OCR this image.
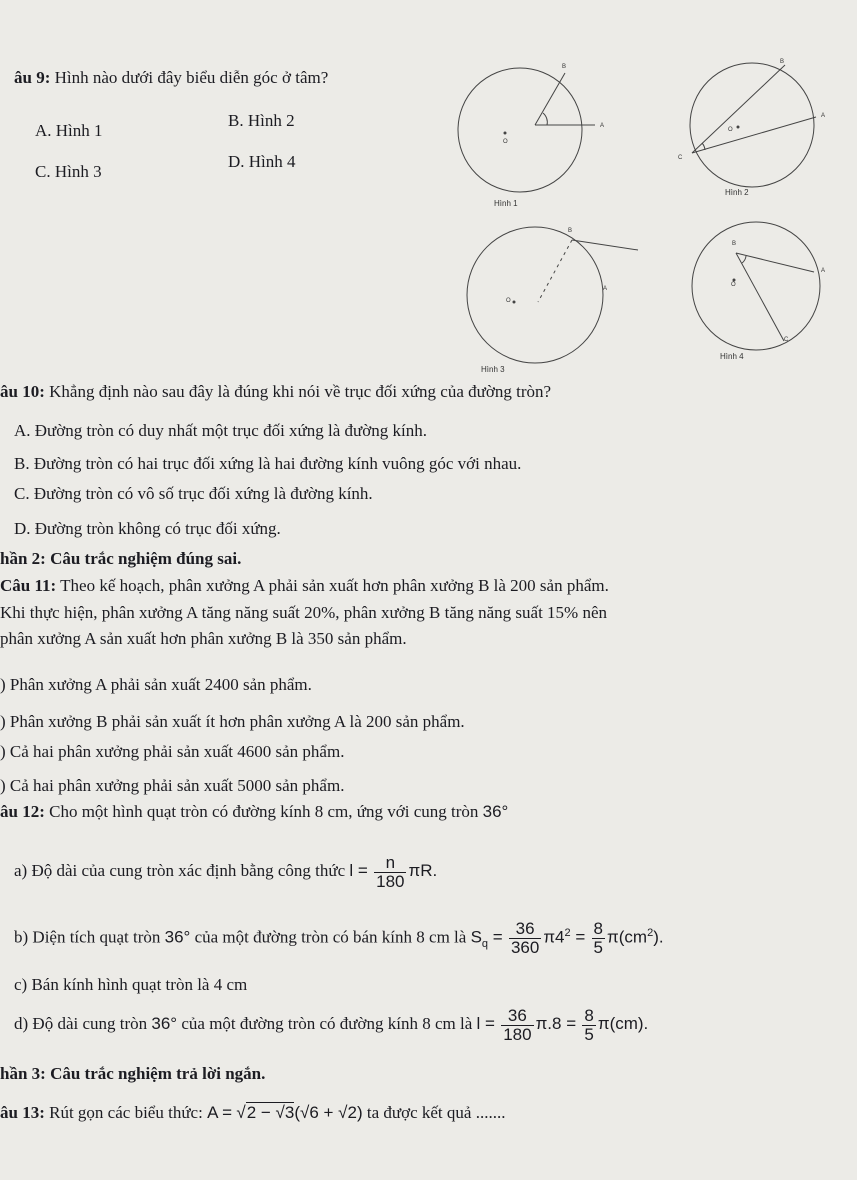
âu 9: Hình nào dưới đây biểu diễn góc ở tâm?
A. Hình 1
B. Hình 2
C. Hình 3
D. Hình 4
B
A
O
Hình 1
B
A
O
C
Hình 2
B
A
O
Hình 3
B
A
O
C
Hình 4
âu 10: Khẳng định nào sau đây là đúng khi nói về trục đối xứng của đường tròn?
A. Đường tròn có duy nhất một trục đối xứng là đường kính.
B. Đường tròn có hai trục đối xứng là hai đường kính vuông góc với nhau.
C. Đường tròn có vô số trục đối xứng là đường kính.
D. Đường tròn không có trục đối xứng.
hần 2: Câu trắc nghiệm đúng sai.
Câu 11: Theo kế hoạch, phân xưởng A phải sản xuất hơn phân xưởng B là 200 sản phẩm.
Khi thực hiện, phân xưởng A tăng năng suất 20%, phân xưởng B tăng năng suất 15% nên
phân xưởng A sản xuất hơn phân xưởng B là 350 sản phẩm.
) Phân xưởng A phải sản xuất 2400 sản phẩm.
) Phân xưởng B phải sản xuất ít hơn phân xưởng A là 200 sản phẩm.
) Cả hai phân xưởng phải sản xuất 4600 sản phẩm.
) Cả hai phân xưởng phải sản xuất 5000 sản phẩm.
âu 12: Cho một hình quạt tròn có đường kính 8 cm, ứng với cung tròn 36°
a) Độ dài của cung tròn xác định bằng công thức $l = \frac{n}{180} \pi R$.
b) Diện tích quạt tròn 36° của một đường tròn có bán kính 8 cm là $S_q = \frac{36}{360} \pi 4^2 = \frac{8}{5} \pi(cm^2)$.
c) Bán kính hình quạt tròn là 4 cm
d) Độ dài cung tròn 36° của một đường tròn có đường kính 8 cm là $l = \frac{36}{180} \pi.8 = \frac{8}{5} \pi(cm)$.
hần 3: Câu trắc nghiệm trả lời ngắn.
âu 13: Rút gọn các biểu thức: A = √2 − √3(√6 + √2) ta được kết quả .......
